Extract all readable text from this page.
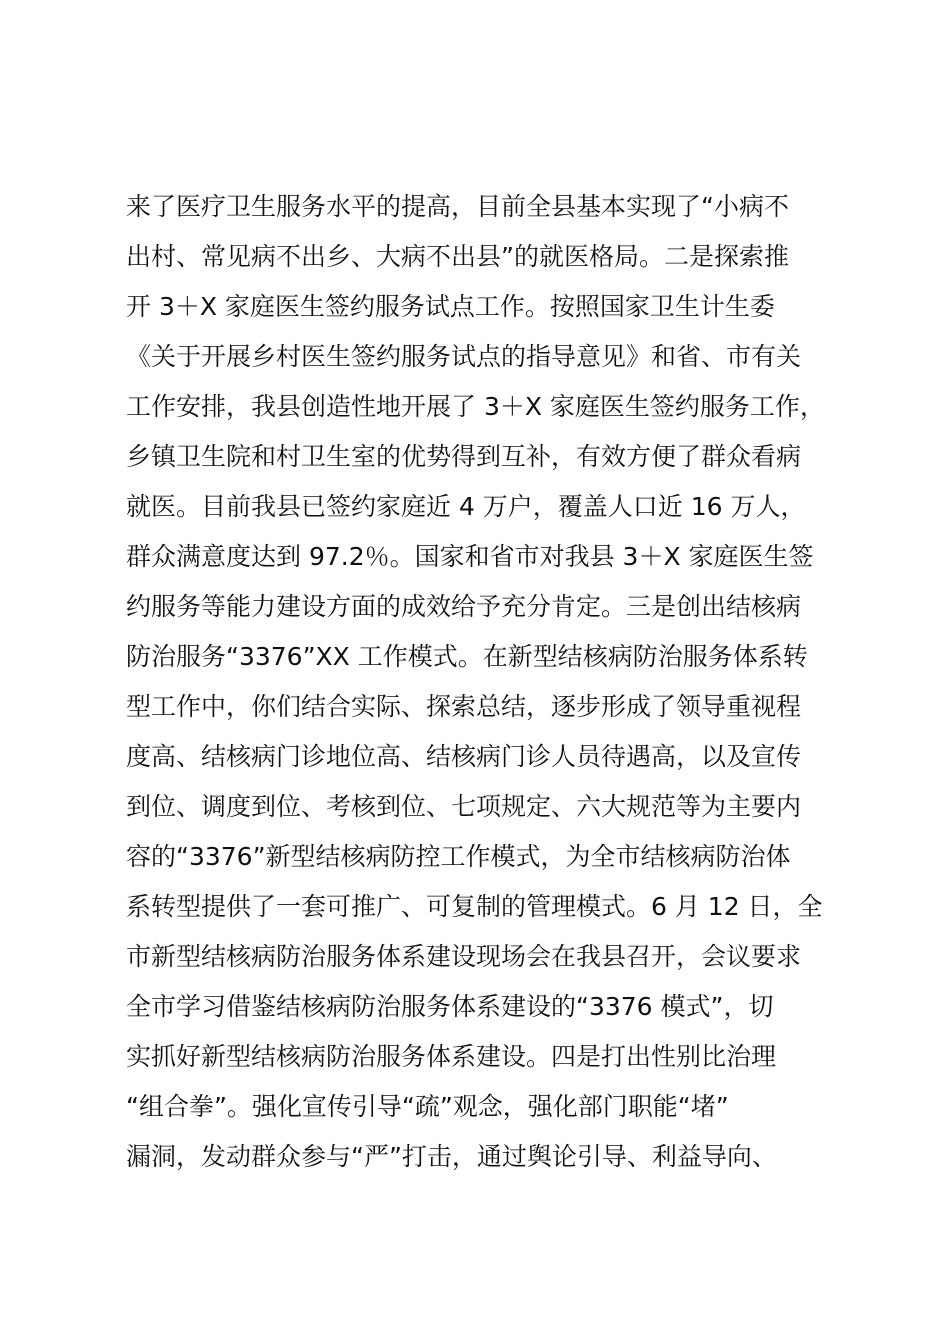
来了医疗卫生服务水平的提高，目前全县基本实现了“小病不
出村、常见病不出乡、大病不出县”的就医格局。二是探索推
开 3＋X 家庭医生签约服务试点工作。按照国家卫生计生委
《关于开展乡村医生签约服务试点的指导意见》和省、市有关
工作安排，我县创造性地开展了 3＋X 家庭医生签约服务工作，
乡镇卫生院和村卫生室的优势得到互补，有效方便了群众看病
就医。目前我县已签约家庭近 4 万户，覆盖人口近 16 万人，
群众满意度达到 97.2％。国家和省市对我县 3＋X 家庭医生签
约服务等能力建设方面的成效给予充分肯定。三是创出结核病
防治服务“3376”XX 工作模式。在新型结核病防治服务体系转
型工作中，你们结合实际、探索总结，逐步形成了领导重视程
度高、结核病门诊地位高、结核病门诊人员待遇高，以及宣传
到位、调度到位、考核到位、七项规定、六大规范等为主要内
容的“3376”新型结核病防控工作模式，为全市结核病防治体
系转型提供了一套可推广、可复制的管理模式。6 月 12 日，全
市新型结核病防治服务体系建设现场会在我县召开，会议要求
全市学习借鉴结核病防治服务体系建设的“3376 模式”，切
实抓好新型结核病防治服务体系建设。四是打出性别比治理
“组合拳”。强化宣传引导“疏”观念，强化部门职能“堵”
漏洞，发动群众参与“严”打击，通过舆论引导、利益导向、
